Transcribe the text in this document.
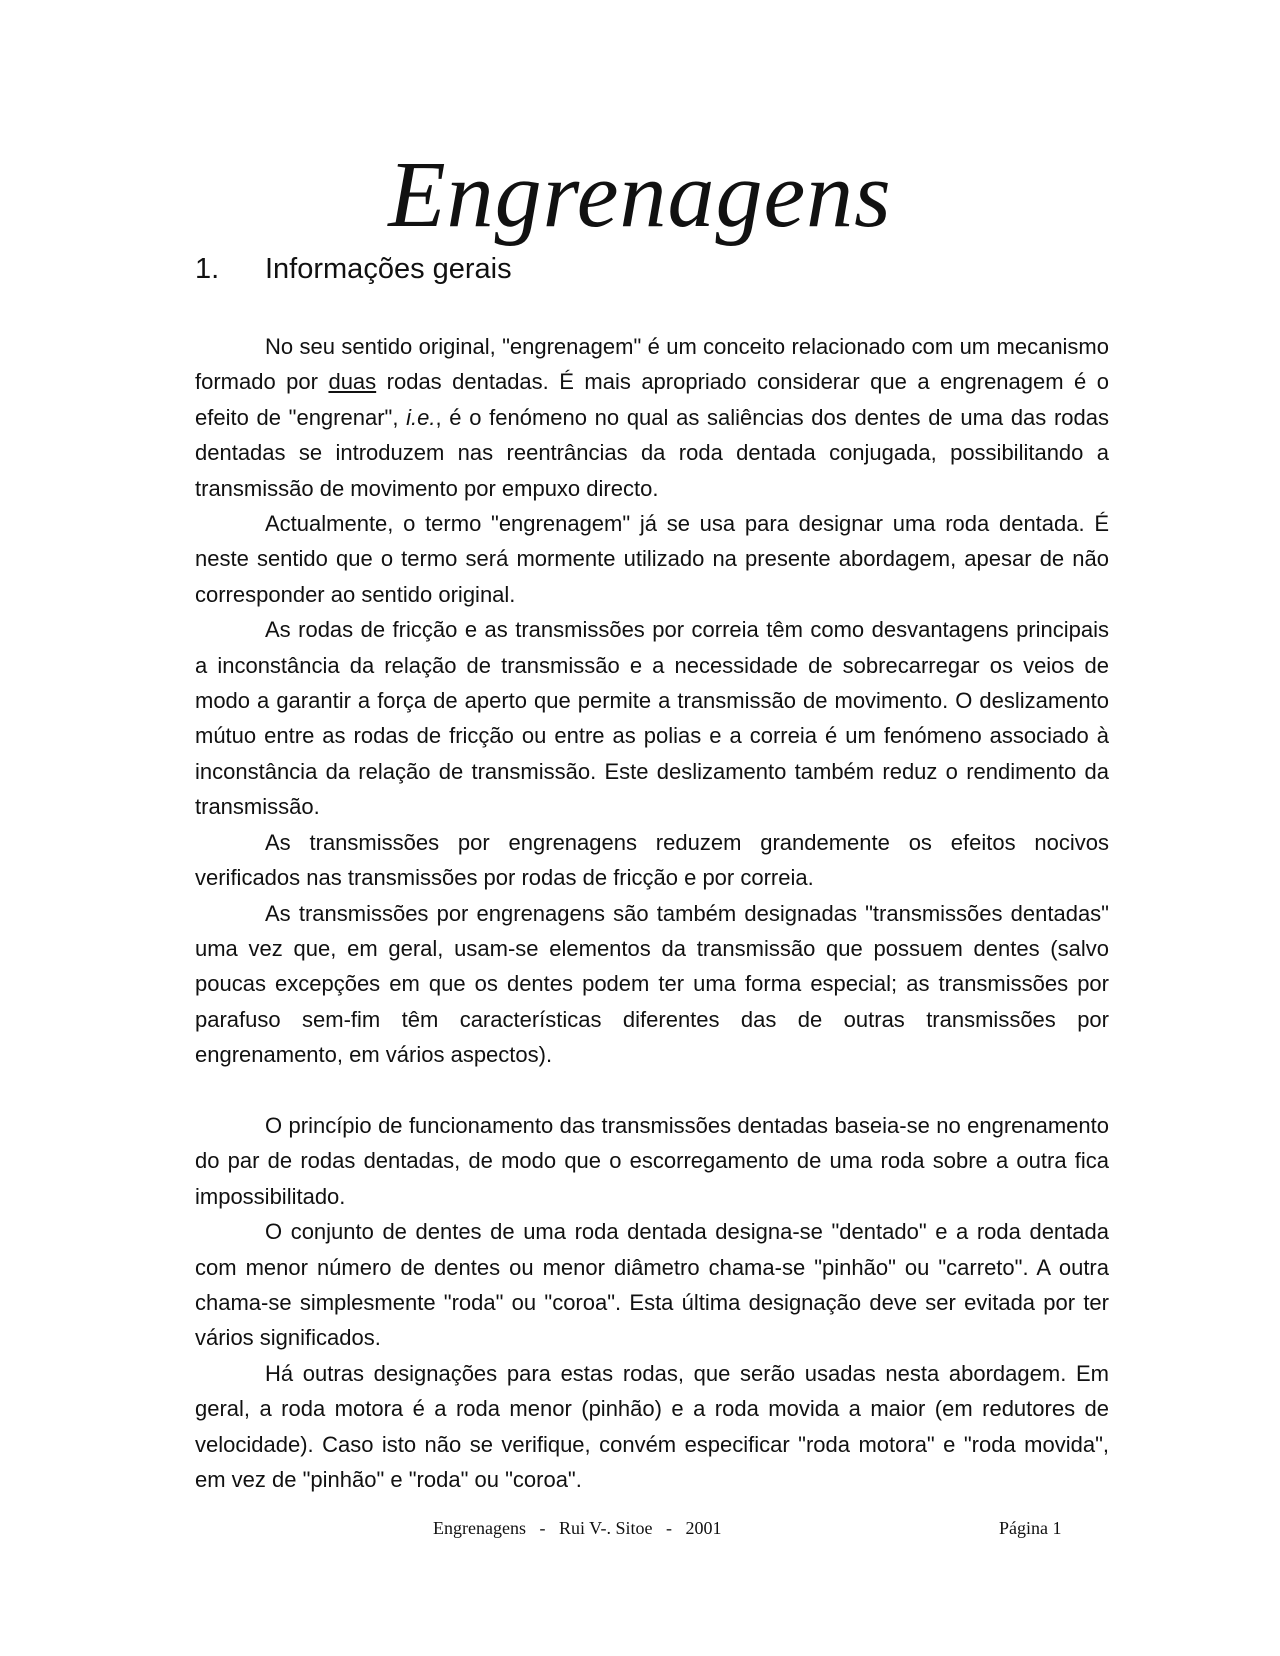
Engrenagens
1. Informações gerais

No seu sentido original, "engrenagem" é um conceito relacionado com um mecanismo formado por duas rodas dentadas. É mais apropriado considerar que a engrenagem é o efeito de "engrenar", i.e., é o fenómeno no qual as saliências dos dentes de uma das rodas dentadas se introduzem nas reentrâncias da roda dentada conjugada, possibilitando a transmissão de movimento por empuxo directo.

Actualmente, o termo "engrenagem" já se usa para designar uma roda dentada. É neste sentido que o termo será mormente utilizado na presente abordagem, apesar de não corresponder ao sentido original.

As rodas de fricção e as transmissões por correia têm como desvantagens principais a inconstância da relação de transmissão e a necessidade de sobrecarregar os veios de modo a garantir a força de aperto que permite a transmissão de movimento. O deslizamento mútuo entre as rodas de fricção ou entre as polias e a correia é um fenómeno associado à inconstância da relação de transmissão. Este deslizamento também reduz o rendimento da transmissão.

As transmissões por engrenagens reduzem grandemente os efeitos nocivos verificados nas transmissões por rodas de fricção e por correia.

As transmissões por engrenagens são também designadas "transmissões dentadas" uma vez que, em geral, usam-se elementos da transmissão que possuem dentes (salvo poucas excepções em que os dentes podem ter uma forma especial; as transmissões por parafuso sem-fim têm características diferentes das de outras transmissões por engrenamento, em vários aspectos).

O princípio de funcionamento das transmissões dentadas baseia-se no engrenamento do par de rodas dentadas, de modo que o escorregamento de uma roda sobre a outra fica impossibilitado.

O conjunto de dentes de uma roda dentada designa-se "dentado" e a roda dentada com menor número de dentes ou menor diâmetro chama-se "pinhão" ou "carreto". A outra chama-se simplesmente "roda" ou "coroa". Esta última designação deve ser evitada por ter vários significados.

Há outras designações para estas rodas, que serão usadas nesta abordagem. Em geral, a roda motora é a roda menor (pinhão) e a roda movida a maior (em redutores de velocidade). Caso isto não se verifique, convém especificar "roda motora" e "roda movida", em vez de "pinhão" e "roda" ou "coroa".

Engrenagens   -   Rui V-. Sitoe   -   2001	Página 1
